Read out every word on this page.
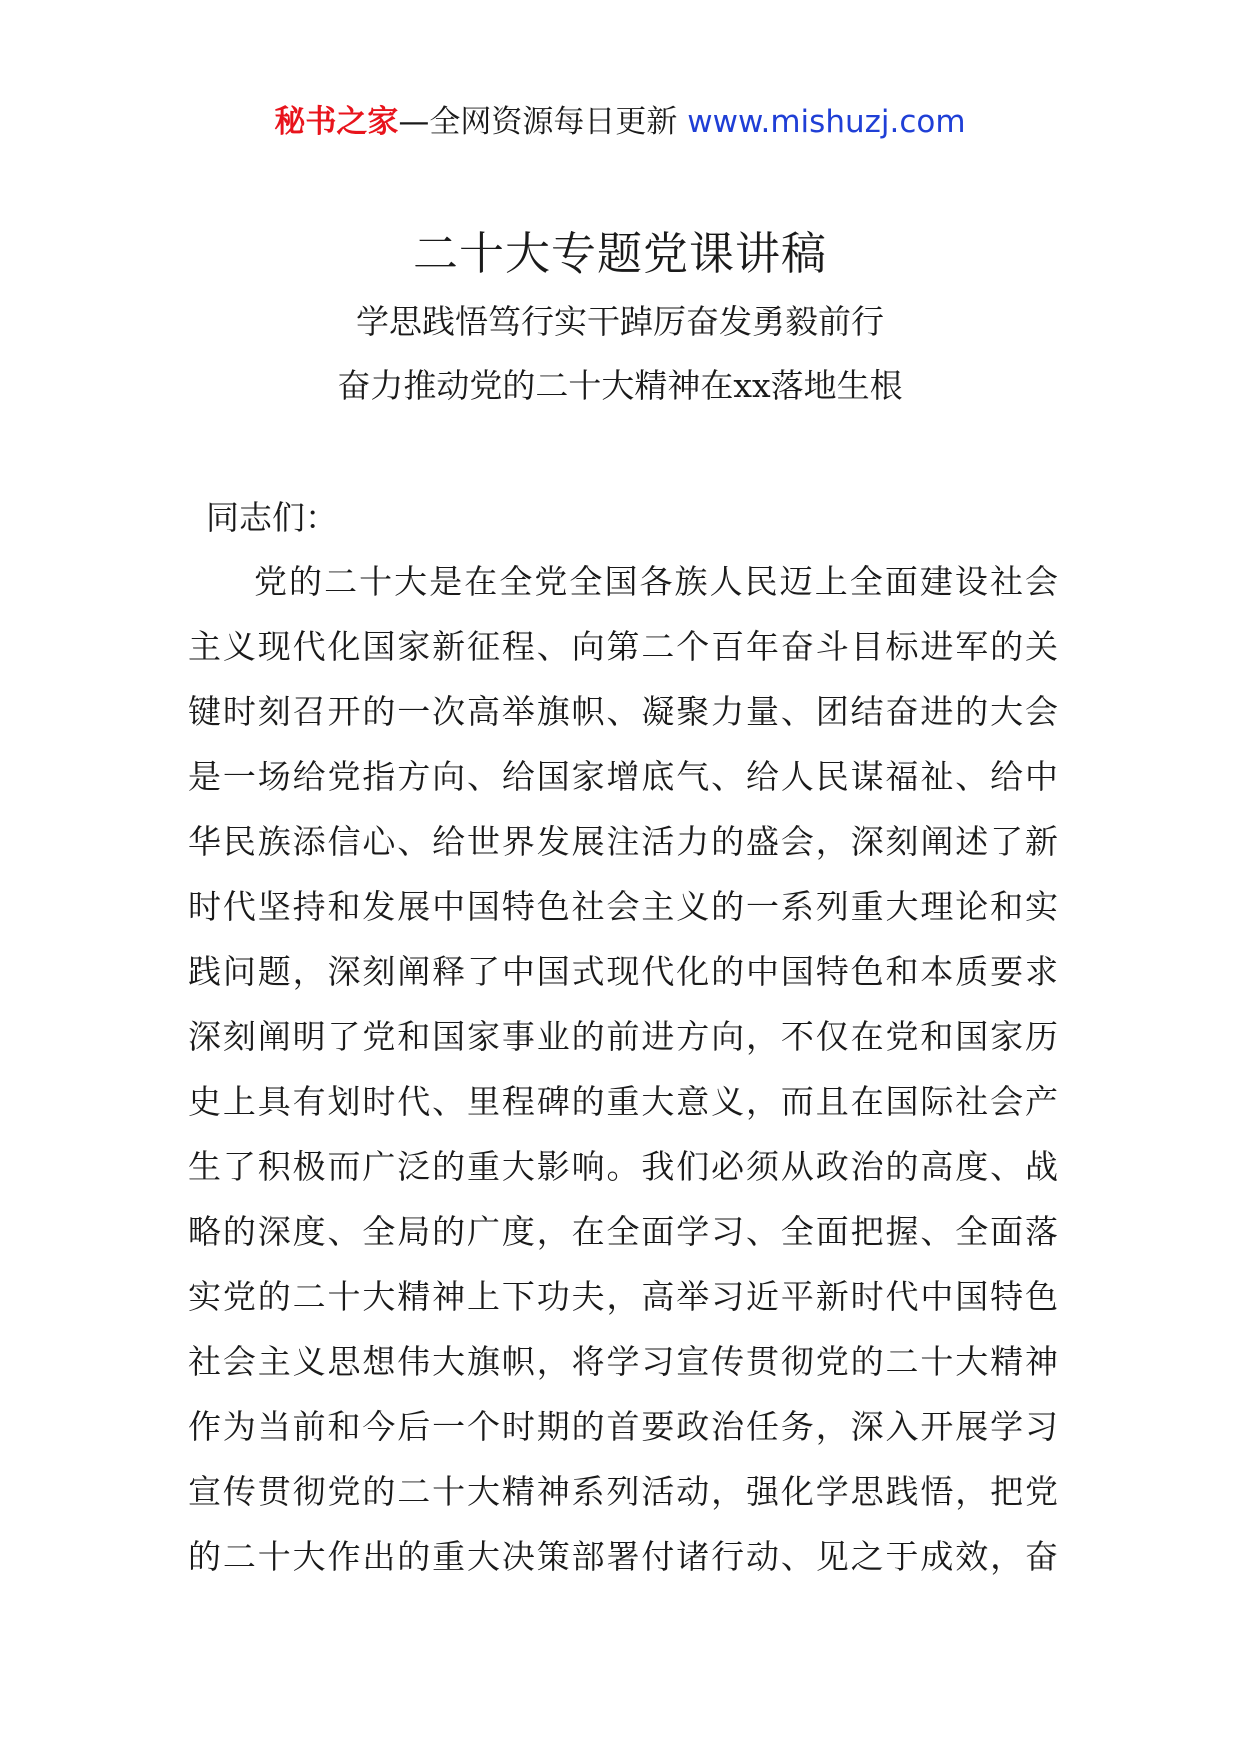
秘书之家—全网资源每日更新 www.mishuzj.com
二十大专题党课讲稿
学思践悟笃行实干踔厉奋发勇毅前行
奋力推动党的二十大精神在xx落地生根
同志们：
党的二十大是在全党全国各族人民迈上全面建设社会
主义现代化国家新征程、向第二个百年奋斗目标进军的关
键时刻召开的一次高举旗帜、凝聚力量、团结奋进的大会
是一场给党指方向、给国家增底气、给人民谋福祉、给中
华民族添信心、给世界发展注活力的盛会，深刻阐述了新
时代坚持和发展中国特色社会主义的一系列重大理论和实
践问题，深刻阐释了中国式现代化的中国特色和本质要求
深刻阐明了党和国家事业的前进方向，不仅在党和国家历
史上具有划时代、里程碑的重大意义，而且在国际社会产
生了积极而广泛的重大影响。我们必须从政治的高度、战
略的深度、全局的广度，在全面学习、全面把握、全面落
实党的二十大精神上下功夫，高举习近平新时代中国特色
社会主义思想伟大旗帜，将学习宣传贯彻党的二十大精神
作为当前和今后一个时期的首要政治任务，深入开展学习
宣传贯彻党的二十大精神系列活动，强化学思践悟，把党
的二十大作出的重大决策部署付诸行动、见之于成效，奋
